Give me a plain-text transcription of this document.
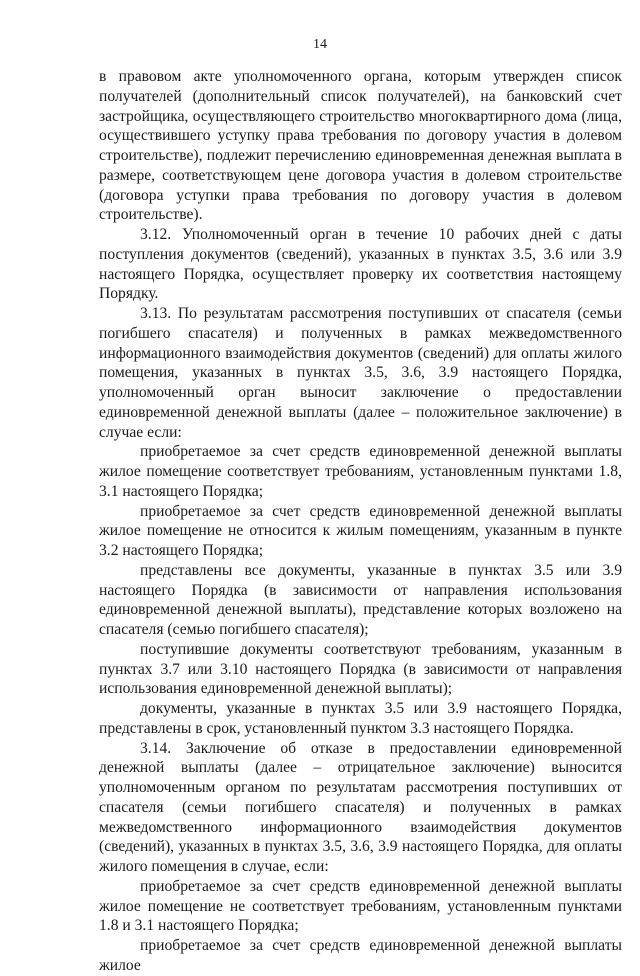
14

в правовом акте уполномоченного органа, которым утвержден список получателей (дополнительный список получателей), на банковский счет застройщика, осуществляющего строительство многоквартирного дома (лица, осуществившего уступку права требования по договору участия в долевом строительстве), подлежит перечислению единовременная денежная выплата в размере, соответствующем цене договора участия в долевом строительстве (договора уступки права требования по договору участия в долевом строительстве).

3.12. Уполномоченный орган в течение 10 рабочих дней с даты поступления документов (сведений), указанных в пунктах 3.5, 3.6 или 3.9 настоящего Порядка, осуществляет проверку их соответствия настоящему Порядку.

3.13. По результатам рассмотрения поступивших от спасателя (семьи погибшего спасателя) и полученных в рамках межведомственного информационного взаимодействия документов (сведений) для оплаты жилого помещения, указанных в пунктах 3.5, 3.6, 3.9 настоящего Порядка, уполномоченный орган выносит заключение о предоставлении единовременной денежной выплаты (далее – положительное заключение) в случае если:

приобретаемое за счет средств единовременной денежной выплаты жилое помещение соответствует требованиям, установленным пунктами 1.8, 3.1 настоящего Порядка;

приобретаемое за счет средств единовременной денежной выплаты жилое помещение не относится к жилым помещениям, указанным в пункте 3.2 настоящего Порядка;

представлены все документы, указанные в пунктах 3.5 или 3.9 настоящего Порядка (в зависимости от направления использования единовременной денежной выплаты), представление которых возложено на спасателя (семью погибшего спасателя);

поступившие документы соответствуют требованиям, указанным в пунктах 3.7 или 3.10 настоящего Порядка (в зависимости от направления использования единовременной денежной выплаты);

документы, указанные в пунктах 3.5 или 3.9 настоящего Порядка, представлены в срок, установленный пунктом 3.3 настоящего Порядка.

3.14. Заключение об отказе в предоставлении единовременной денежной выплаты (далее – отрицательное заключение) выносится уполномоченным органом по результатам рассмотрения поступивших от спасателя (семьи погибшего спасателя) и полученных в рамках межведомственного информационного взаимодействия документов (сведений), указанных в пунктах 3.5, 3.6, 3.9 настоящего Порядка, для оплаты жилого помещения в случае, если:

приобретаемое за счет средств единовременной денежной выплаты жилое помещение не соответствует требованиям, установленным пунктами 1.8 и 3.1 настоящего Порядка;

приобретаемое за счет средств единовременной денежной выплаты жилое
